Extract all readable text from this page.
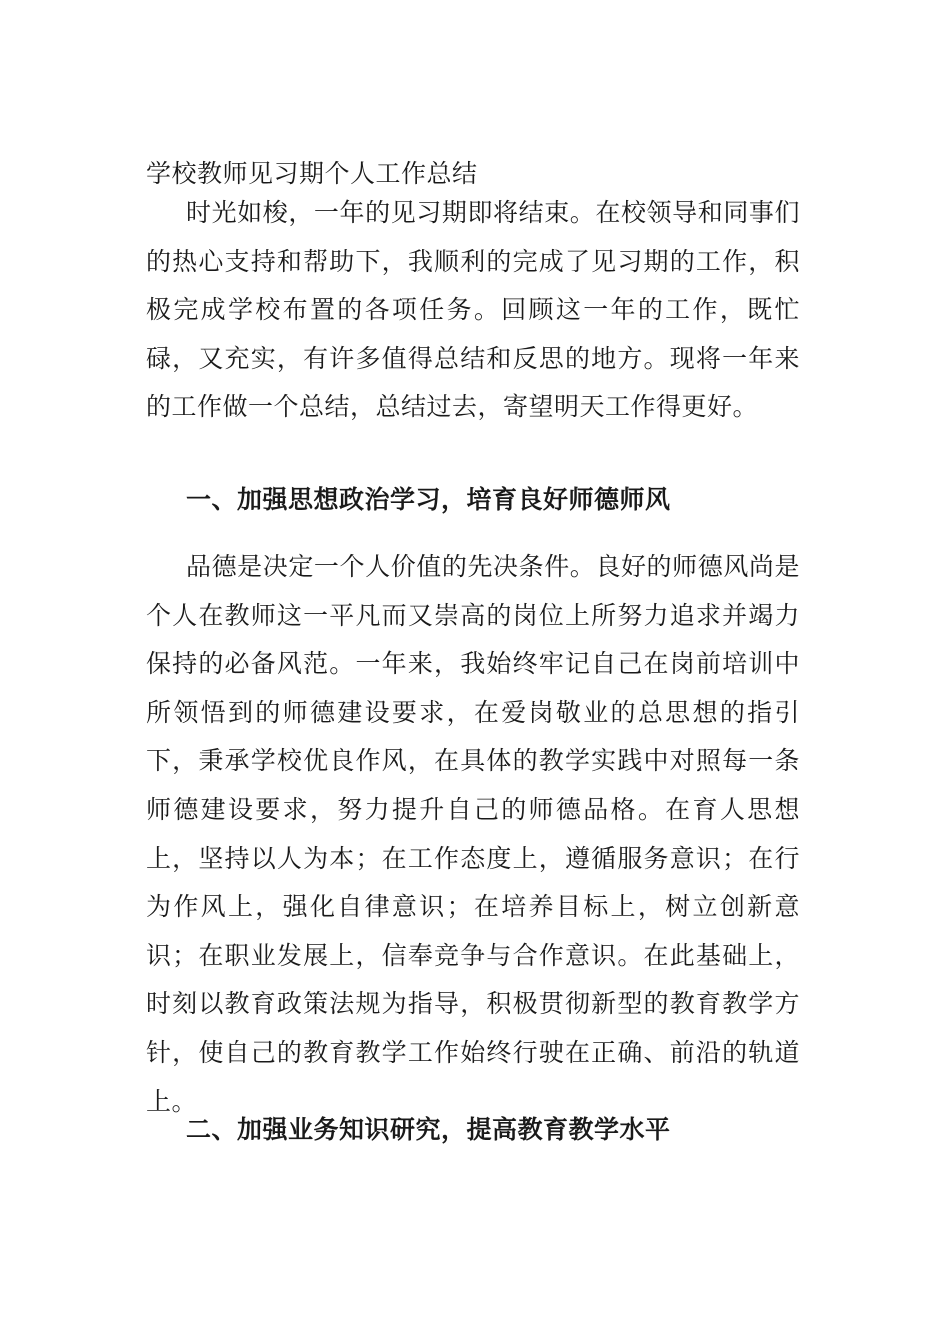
学校教师见习期个人工作总结

时光如梭，一年的见习期即将结束。在校领导和同事们的热心支持和帮助下，我顺利的完成了见习期的工作，积极完成学校布置的各项任务。回顾这一年的工作，既忙碌，又充实，有许多值得总结和反思的地方。现将一年来的工作做一个总结，总结过去，寄望明天工作得更好。

一、加强思想政治学习，培育良好师德师风

品德是决定一个人价值的先决条件。良好的师德风尚是个人在教师这一平凡而又崇高的岗位上所努力追求并竭力保持的必备风范。一年来，我始终牢记自己在岗前培训中所领悟到的师德建设要求，在爱岗敬业的总思想的指引下，秉承学校优良作风，在具体的教学实践中对照每一条师德建设要求，努力提升自己的师德品格。在育人思想上，坚持以人为本；在工作态度上，遵循服务意识；在行为作风上，强化自律意识；在培养目标上，树立创新意识；在职业发展上，信奉竞争与合作意识。在此基础上，时刻以教育政策法规为指导，积极贯彻新型的教育教学方针，使自己的教育教学工作始终行驶在正确、前沿的轨道上。

二、加强业务知识研究，提高教育教学水平
